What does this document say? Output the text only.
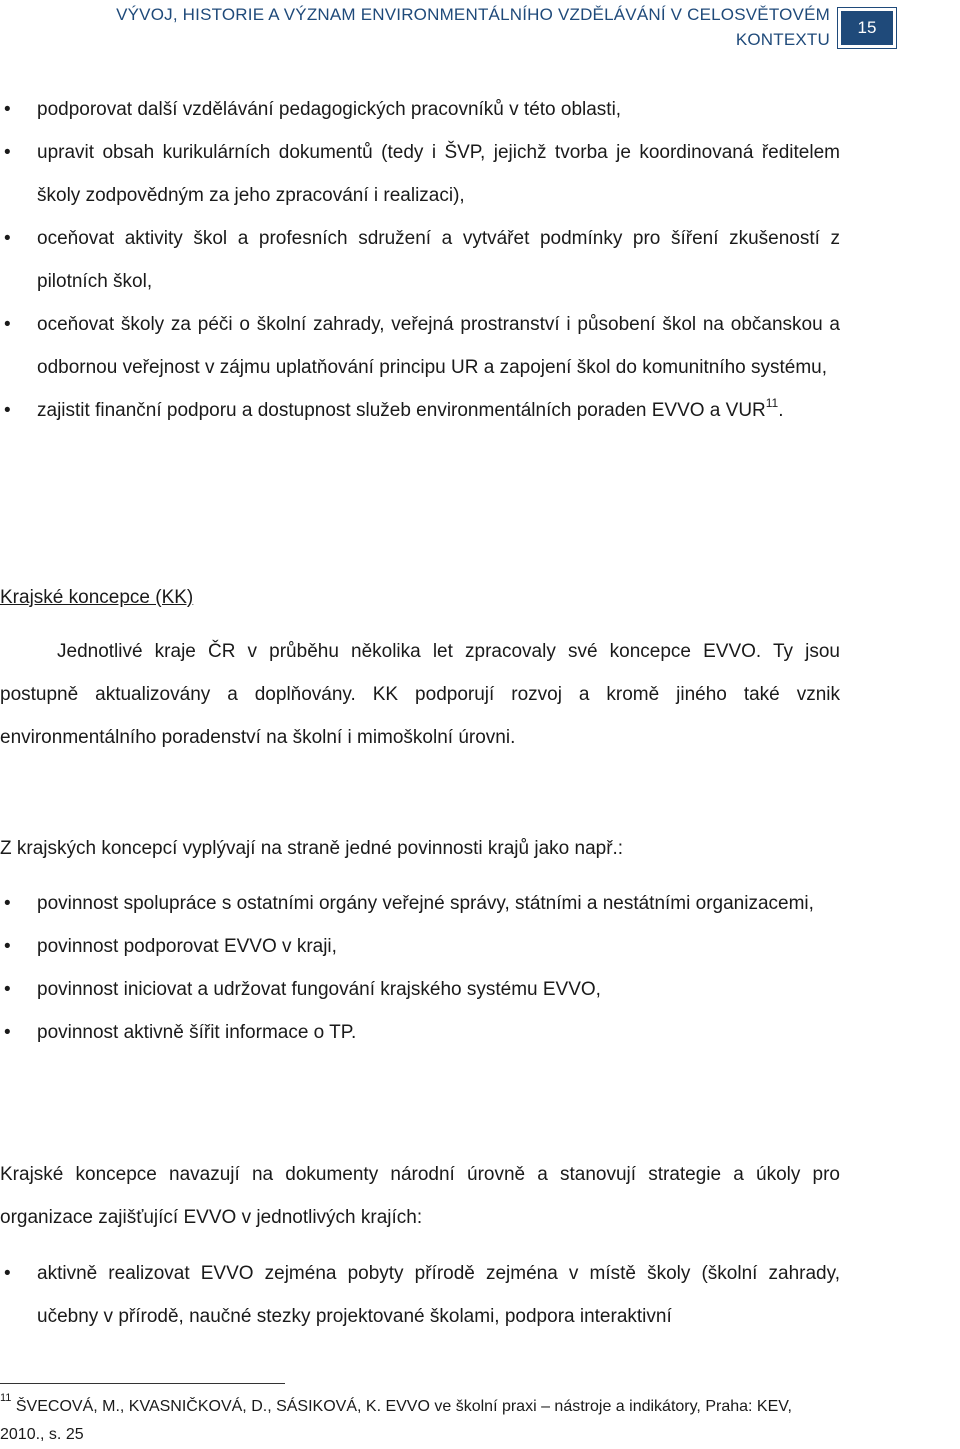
VÝVOJ, HISTORIE A VÝZNAM ENVIRONMENTÁLNÍHO VZDĚLÁVÁNÍ V CELOSVĚTOVÉM KONTEXTU
15
• podporovat další vzdělávání pedagogických pracovníků v této oblasti,
• upravit obsah kurikulárních dokumentů (tedy i ŠVP, jejichž tvorba je koordinovaná ředitelem školy zodpovědným za jeho zpracování i realizaci),
• oceňovat aktivity škol a profesních sdružení a vytvářet podmínky pro šíření zkušeností z pilotních škol,
• oceňovat školy za péči o školní zahrady, veřejná prostranství i působení škol na občanskou a odbornou veřejnost v zájmu uplatňování principu UR a zapojení škol do komunitního systému,
• zajistit finanční podporu a dostupnost služeb environmentálních poraden EVVO a VUR$^{11}$.
Krajské koncepce (KK)
Jednotlivé kraje ČR v průběhu několika let zpracovaly své koncepce EVVO. Ty jsou postupně aktualizovány a doplňovány. KK podporují rozvoj a kromě jiného také vznik environmentálního poradenství na školní i mimoškolní úrovni.
Z krajských koncepcí vyplývají na straně jedné povinnosti krajů jako např.:
• povinnost spolupráce s ostatními orgány veřejné správy, státními a nestátními organizacemi,
• povinnost podporovat EVVO v kraji,
• povinnost iniciovat a udržovat fungování krajského systému EVVO,
• povinnost aktivně šířit informace o TP.
Krajské koncepce navazují na dokumenty národní úrovně a stanovují strategie a úkoly pro organizace zajišťující EVVO v jednotlivých krajích:
• aktivně realizovat EVVO zejména pobyty přírodě zejména v místě školy (školní zahrady, učebny v přírodě, naučné stezky projektované školami, podpora interaktivní
$^{11}$ ŠVECOVÁ, M., KVASNIČKOVÁ, D., SÁSIKOVÁ, K. EVVO ve školní praxi – nástroje a indikátory, Praha: KEV, 2010., s. 25
